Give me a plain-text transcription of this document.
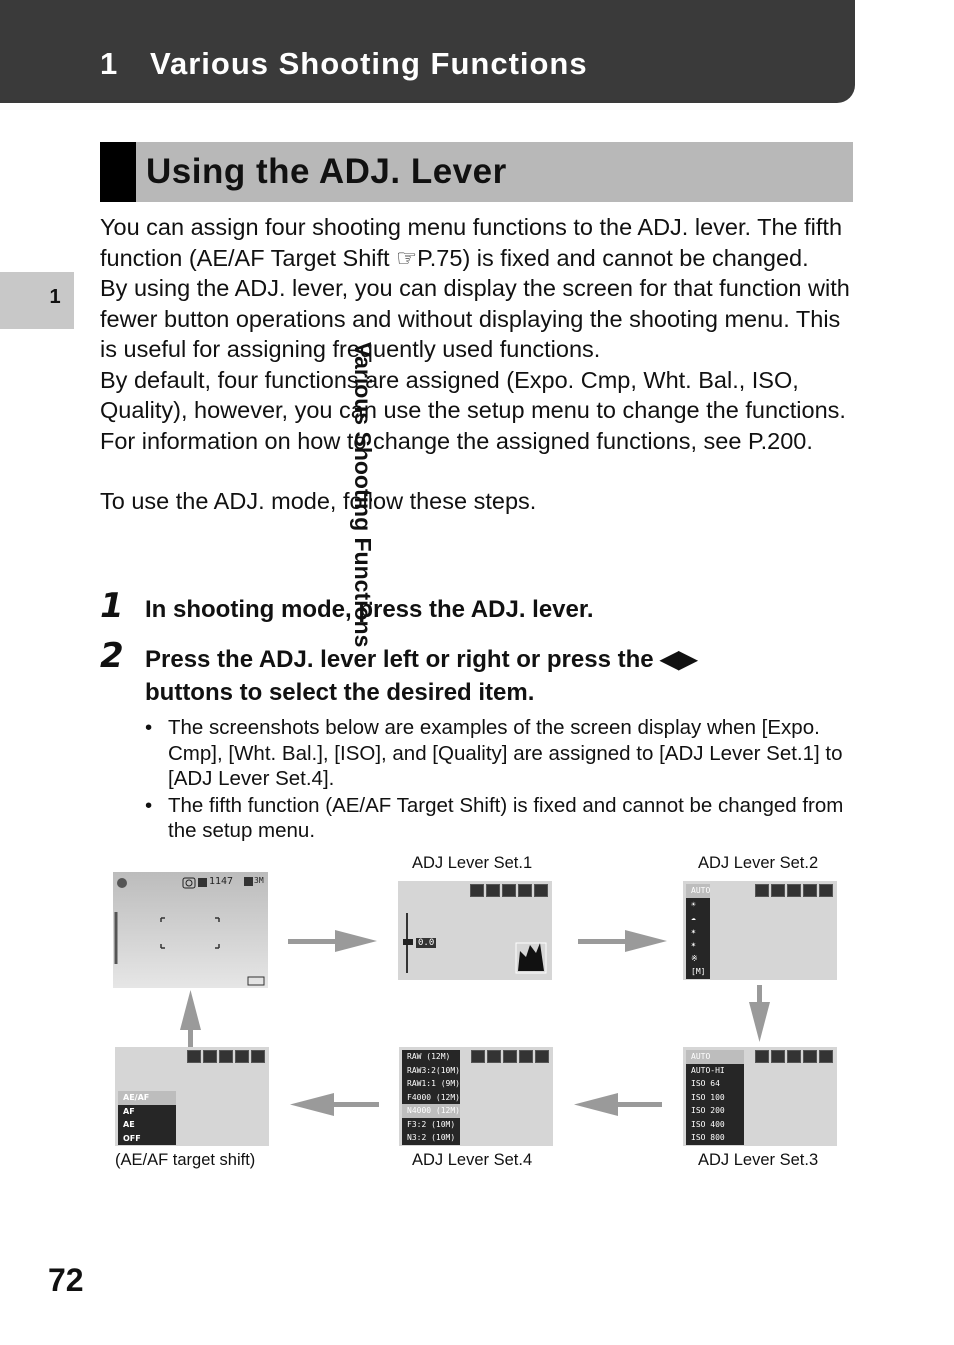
1 Various Shooting Functions
1
Various Shooting Functions
Using the ADJ. Lever

You can assign four shooting menu functions to the ADJ. lever. The fifth function (AE/AF Target Shift ☞P.75) is fixed and cannot be changed.

By using the ADJ. lever, you can display the screen for that function with fewer button operations and without displaying the shooting menu. This is useful for assigning frequently used functions.

By default, four functions are assigned (Expo. Cmp, Wht. Bal., ISO, Quality), however, you can use the setup menu to change the functions. For information on how to change the assigned functions, see P.200.

To use the ADJ. mode, follow these steps.

1 In shooting mode, press the ADJ. lever.
2 Press the ADJ. lever left or right or press the ◀▶
buttons to select the desired item.
• The screenshots below are examples of the screen display when [Expo. Cmp], [Wht. Bal.], [ISO], and [Quality] are assigned to [ADJ Lever Set.1] to [ADJ Lever Set.4].
• The fifth function (AE/AF Target Shift) is fixed and cannot be changed from the setup menu.
ADJ Lever Set.1	ADJ Lever Set.2
(AE/AF target shift)	ADJ Lever Set.4	ADJ Lever Set.3
1147	3M
0.0
AUTO
☀
☁
✶
✶
※
[M]
AE/AF
AF
AE
OFF
RAW (12M)
RAW3:2(10M)
RAW1:1 (9M)
F4000 (12M)
N4000 (12M)
F3:2 (10M)
N3:2 (10M)
AUTO
AUTO-HI
ISO 64
ISO 100
ISO 200
ISO 400
ISO 800
72
